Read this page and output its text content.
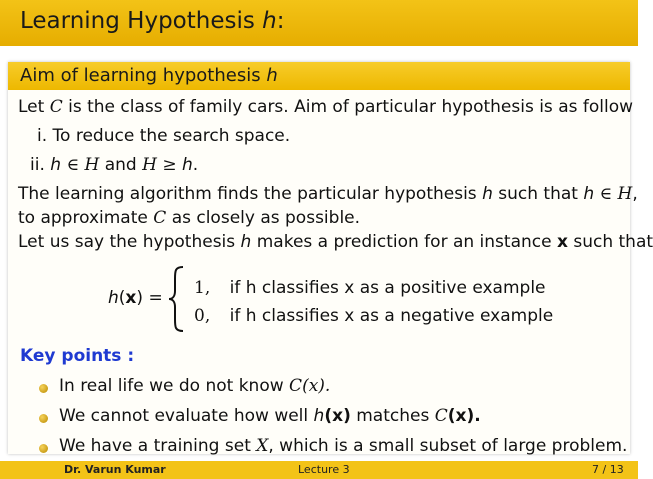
Learning Hypothesis h:
Aim of learning hypothesis h
Let C is the class of family cars. Aim of particular hypothesis is as follow
i. To reduce the search space.
ii. h ∈ H and H ≥ h.
The learning algorithm finds the particular hypothesis h such that h ∈ H,
to approximate C as closely as possible.
Let us say the hypothesis h makes a prediction for an instance x such that
h(x) = 1, if h classifies x as a positive example
0, if h classifies x as a negative example
Key points :
In real life we do not know C(x).
We cannot evaluate how well h(x) matches C(x).
We have a training set X, which is a small subset of large problem.
Dr. Varun Kumar	Lecture 3	7 / 13
